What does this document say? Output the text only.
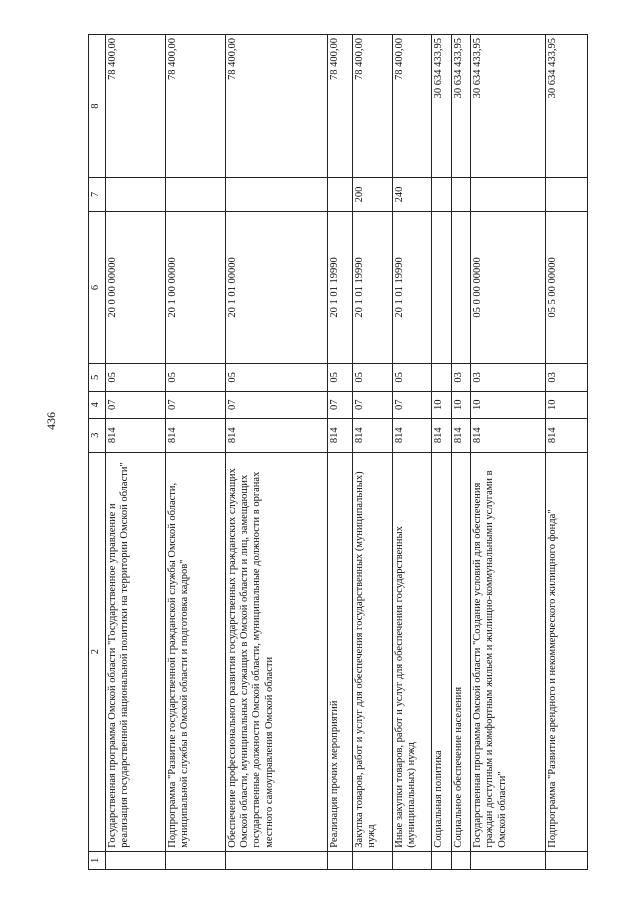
436
1	2	3	4	5	6	7	8
	Государственная программа Омской области "Государственное управление и реализация государственной национальной политики на территории Омской области"	814	07	05	20 0 00 00000		78 400,00
	Подпрограмма "Развитие государственной гражданской службы Омской области, муниципальной службы в Омской области и подготовка кадров"	814	07	05	20 1 00 00000		78 400,00
	Обеспечение профессионального развития государственных гражданских служащих Омской области, муниципальных служащих в Омской области и лиц, замещающих государственные должности Омской области, муниципальные должности в органах местного самоуправления Омской области	814	07	05	20 1 01 00000		78 400,00
	Реализация прочих мероприятий	814	07	05	20 1 01 19990		78 400,00
	Закупка товаров, работ и услуг для обеспечения государственных (муниципальных) нужд	814	07	05	20 1 01 19990	200	78 400,00
	Иные закупки товаров, работ и услуг для обеспечения государственных (муниципальных) нужд	814	07	05	20 1 01 19990	240	78 400,00
	Социальная политика	814	10				30 634 433,95
	Социальное обеспечение населения	814	10	03			30 634 433,95
	Государственная программа Омской области "Создание условий для обеспечения граждан доступным и комфортным жильем и жилищно-коммунальными услугами в Омской области"	814	10	03	05 0 00 00000		30 634 433,95
	Подпрограмма "Развитие арендного и некоммерческого жилищного фонда"	814	10	03	05 5 00 00000		30 634 433,95
